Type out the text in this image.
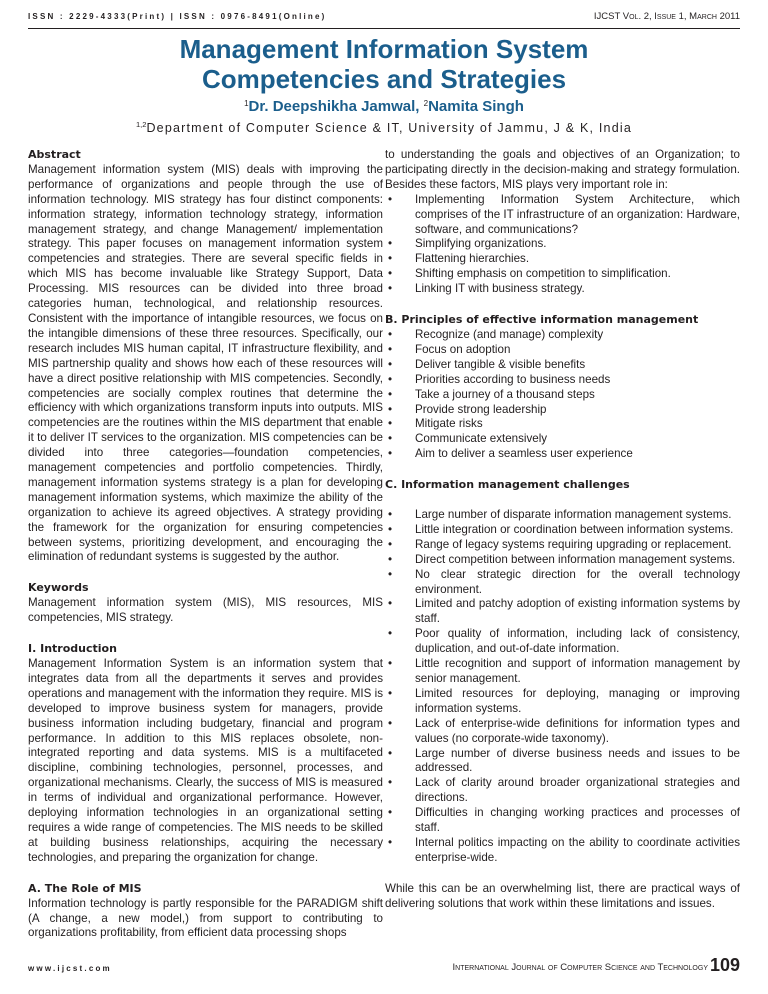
ISSN : 2229-4333(Print) | ISSN : 0976-8491(Online)	IJCST Vol. 2, Issue 1, March 2011
Management Information System
Competencies and Strategies
$^1$Dr. Deepshikha Jamwal, $^2$Namita Singh
$^{1,2}$Department of Computer Science & IT, University of Jammu, J & K, India

Abstract

Management information system (MIS) deals with improving the performance of organizations and people through the use of information technology. MIS strategy has four distinct components: information strategy, information technology strategy, information management strategy, and change Management/ implementation strategy. This paper focuses on management information system competencies and strategies. There are several specific fields in which MIS has become invaluable like Strategy Support, Data Processing. MIS resources can be divided into three broad categories human, technological, and relationship resources. Consistent with the importance of intangible resources, we focus on the intangible dimensions of these three resources. Specifically, our research includes MIS human capital, IT infrastructure flexibility, and MIS partnership quality and shows how each of these resources will have a direct positive relationship with MIS competencies. Secondly, competencies are socially complex routines that determine the efficiency with which organizations transform inputs into outputs. MIS competencies are the routines within the MIS department that enable it to deliver IT services to the organization. MIS competencies can be divided into three categories—foundation competencies, management competencies and portfolio competencies. Thirdly, management information systems strategy is a plan for developing management information systems, which maximize the ability of the organization to achieve its agreed objectives. A strategy providing the framework for the organization for ensuring competencies between systems, prioritizing development, and encouraging the elimination of redundant systems is suggested by the author.

Keywords

Management information system (MIS), MIS resources, MIS competencies, MIS strategy.

I. Introduction

Management Information System is an information system that integrates data from all the departments it serves and provides operations and management with the information they require. MIS is developed to improve business system for managers, provide business information including budgetary, financial and program performance. In addition to this MIS replaces obsolete, non-integrated reporting and data systems. MIS is a multifaceted discipline, combining technologies, personnel, processes, and organizational mechanisms. Clearly, the success of MIS is measured in terms of individual and organizational performance. However, deploying information technologies in an organizational setting requires a wide range of competencies. The MIS needs to be skilled at building business relationships, acquiring the necessary technologies, and preparing the organization for change.

A. The Role of MIS

Information technology is partly responsible for the PARADIGM shift (A change, a new model,) from support to contributing to organizations profitability, from efficient data processing shops

to understanding the goals and objectives of an Organization; to participating directly in the decision-making and strategy formulation. Besides these factors, MIS plays very important role in:

• Implementing Information System Architecture, which comprises of the IT infrastructure of an organization: Hardware, software, and communications?
• Simplifying organizations.
• Flattening hierarchies.
• Shifting emphasis on competition to simplification.
• Linking IT with business strategy.

B. Principles of effective information management

• Recognize (and manage) complexity
• Focus on adoption
• Deliver tangible & visible benefits
• Priorities according to business needs
• Take a journey of a thousand steps
• Provide strong leadership
• Mitigate risks
• Communicate extensively
• Aim to deliver a seamless user experience

C. Information management challenges

• Large number of disparate information management systems.
• Little integration or coordination between information systems.
• Range of legacy systems requiring upgrading or replacement.
• Direct competition between information management systems.
• No clear strategic direction for the overall technology environment.
• Limited and patchy adoption of existing information systems by staff.
• Poor quality of information, including lack of consistency, duplication, and out-of-date information.
• Little recognition and support of information management by senior management.
• Limited resources for deploying, managing or improving information systems.
• Lack of enterprise-wide definitions for information types and values (no corporate-wide taxonomy).
• Large number of diverse business needs and issues to be addressed.
• Lack of clarity around broader organizational strategies and directions.
• Difficulties in changing working practices and processes of staff.
• Internal politics impacting on the ability to coordinate activities enterprise-wide.

While this can be an overwhelming list, there are practical ways of delivering solutions that work within these limitations and issues.

www.ijcst.com	International Journal of Computer Science and Technology 109
